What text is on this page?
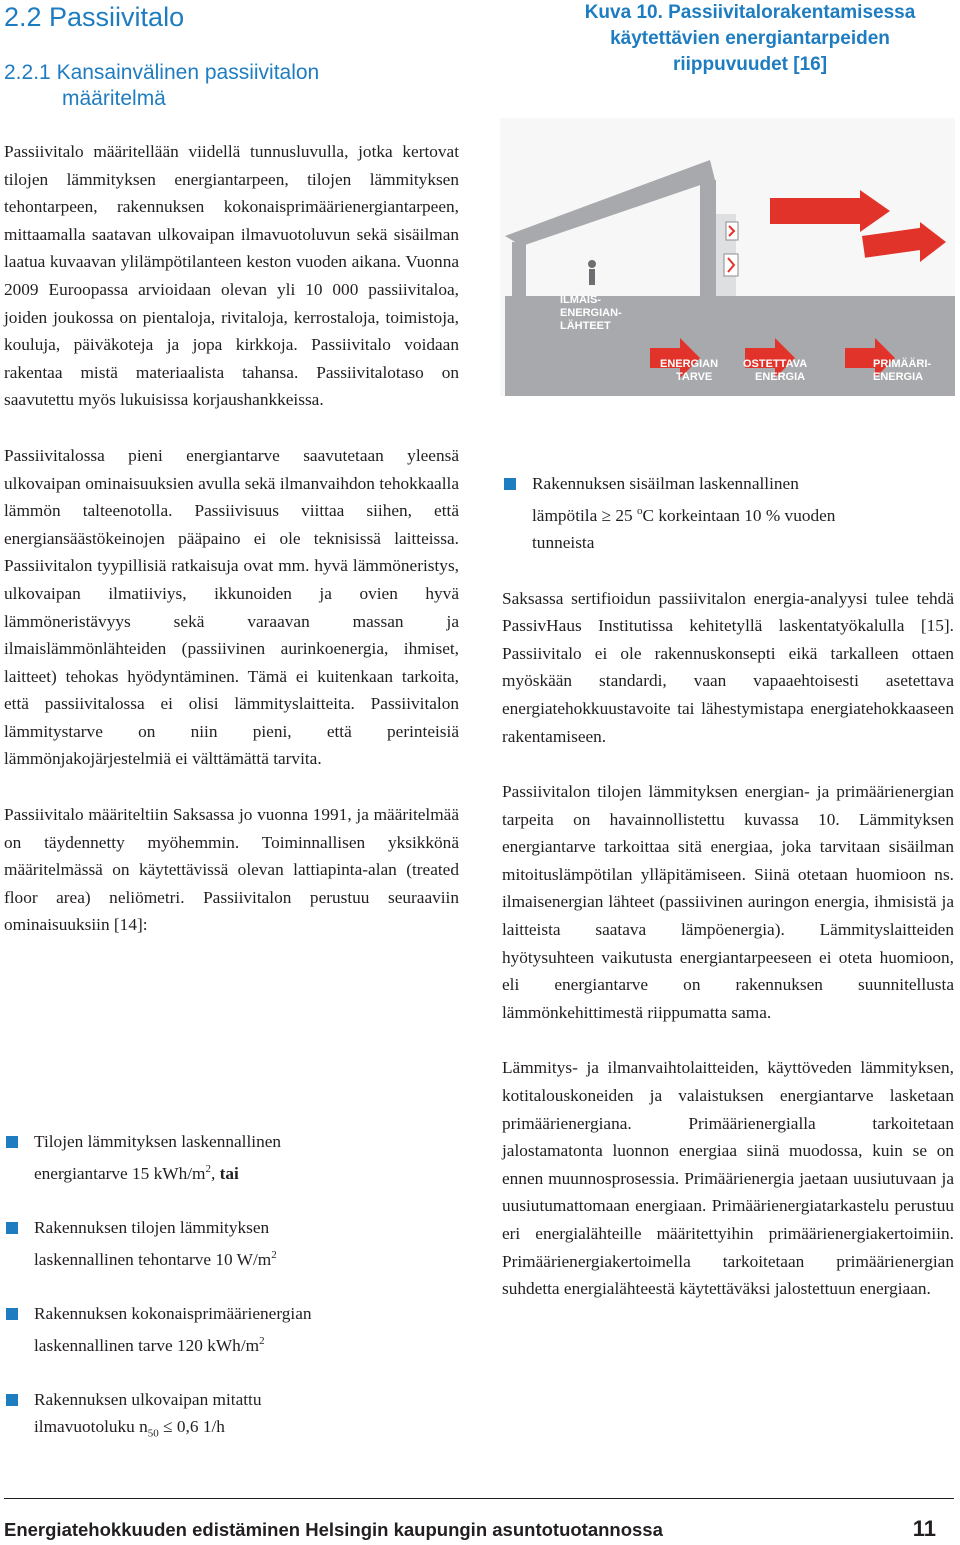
2.2 Passiivitalo
2.2.1 Kansainvälinen passiivitalon
määritelmä

Passiivitalo määritellään viidellä tunnusluvulla, jotka kertovat tilojen lämmityksen energiantarpeen, tilojen lämmityksen tehontarpeen, rakennuksen kokonaisprimäärienergiantarpeen, mittaamalla saatavan ulkovaipan ilmavuotoluvun sekä sisäilman laatua kuvaavan ylilämpötilanteen keston vuoden aikana. Vuonna 2009 Euroopassa arvioidaan olevan yli 10 000 passiivitaloa, joiden joukossa on pientaloja, rivitaloja, kerrostaloja, toimistoja, kouluja, päiväkoteja ja jopa kirkkoja. Passiivitalo voidaan rakentaa mistä materiaalista tahansa. Passiivitalotaso on saavutettu myös lukuisissa korjaushankkeissa.

Passiivitalossa pieni energiantarve saavutetaan yleensä ulkovaipan ominaisuuksien avulla sekä ilmanvaihdon tehokkaalla lämmön talteenotolla. Passiivisuus viittaa siihen, että energiansäästökeinojen pääpaino ei ole teknisissä laitteissa. Passiivitalon tyypillisiä ratkaisuja ovat mm. hyvä lämmöneristys, ulkovaipan ilmatiiviys, ikkunoiden ja ovien hyvä lämmöneristävyys sekä varaavan massan ja ilmaislämmönlähteiden (passiivinen aurinkoenergia, ihmiset, laitteet) tehokas hyödyntäminen. Tämä ei kuitenkaan tarkoita, että passiivitalossa ei olisi lämmityslaitteita. Passiivitalon lämmitystarve on niin pieni, että perinteisiä lämmönjakojärjestelmiä ei välttämättä tarvita.

Passiivitalo määriteltiin Saksassa jo vuonna 1991, ja määritelmää on täydennetty myöhemmin. Toiminnallisen yksikkönä määritelmässä on käytettävissä olevan lattiapinta-alan (treated floor area) neliömetri. Passiivitalon perustuu seuraaviin ominaisuuksiin [14]:

Tilojen lämmityksen laskennallinen
energiantarve 15 kWh/$m^2$, tai
Rakennuksen tilojen lämmityksen
laskennallinen tehontarve 10 $W/m^2$
Rakennuksen kokonaisprimäärienergian
laskennallinen tarve 120 kWh/$m^2$
Rakennuksen ulkovaipan mitattu
ilmavuotoluku $n_{50} \le 0,6$ 1/h
Kuva 10. Passiivitalorakentamisessa
käytettävien energiantarpeiden
riippuvuudet [16]
ILMAIS-
ENERGIAN-
LÄHTEET
ENERGIAN
TARVE
OSTETTAVA
ENERGIA
PRIMÄÄRI-
ENERGIA
Rakennuksen sisäilman laskennallinen
lämpötila ≥ 25 $^o$C korkeintaan 10 % vuoden
tunneista

Saksassa sertifioidun passiivitalon energia-analyysi tulee tehdä PassivHaus Institutissa kehitetyllä laskentatyökalulla [15]. Passiivitalo ei ole rakennuskonsepti eikä tarkalleen ottaen myöskään standardi, vaan vapaaehtoisesti asetettava energiatehokkuustavoite tai lähestymistapa energiatehokkaaseen rakentamiseen.

Passiivitalon tilojen lämmityksen energian- ja primäärienergian tarpeita on havainnollistettu kuvassa 10. Lämmityksen energiantarve tarkoittaa sitä energiaa, joka tarvitaan sisäilman mitoituslämpötilan ylläpitämiseen. Siinä otetaan huomioon ns. ilmaisenergian lähteet (passiivinen auringon energia, ihmisistä ja laitteista saatava lämpöenergia). Lämmityslaitteiden hyötysuhteen vaikutusta energiantarpeeseen ei oteta huomioon, eli energiantarve on rakennuksen suunnitellusta lämmönkehittimestä riippumatta sama.

Lämmitys- ja ilmanvaihtolaitteiden, käyttöveden lämmityksen, kotitalouskoneiden ja valaistuksen energiantarve lasketaan primäärienergiana. Primäärienergialla tarkoitetaan jalostamatonta luonnon energiaa siinä muodossa, kuin se on ennen muunnosprosessia. Primäärienergia jaetaan uusiutuvaan ja uusiutumattomaan energiaan. Primäärienergiatarkastelu perustuu eri energialähteille määritettyihin primäärienergiakertoimiin. Primäärienergiakertoimella tarkoitetaan primäärienergian suhdetta energialähteestä käytettäväksi jalostettuun energiaan.

Energiatehokkuuden edistäminen Helsingin kaupungin asuntotuotannossa	11
